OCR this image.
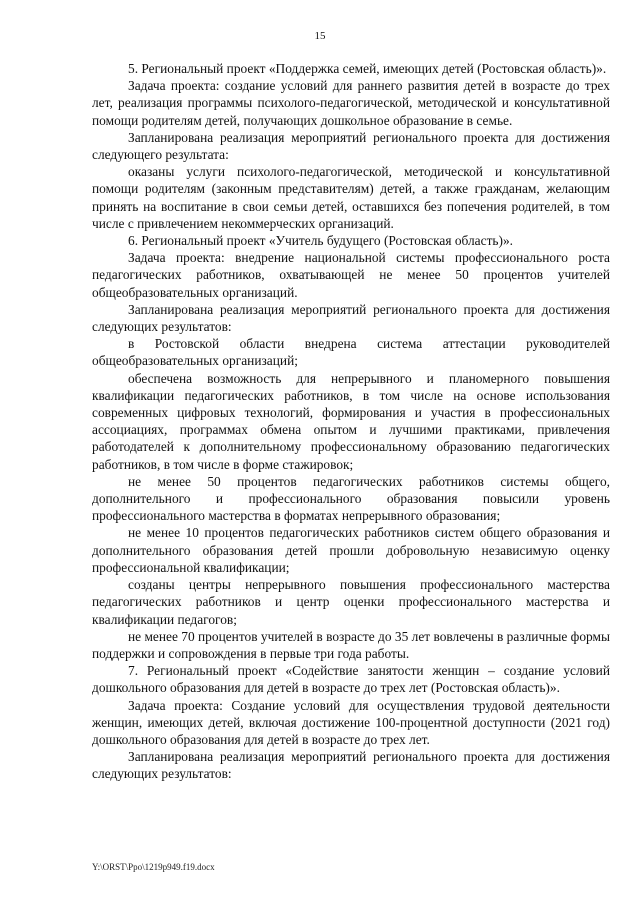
15

5. Региональный проект «Поддержка семей, имеющих детей (Ростовская область)».

Задача проекта: создание условий для раннего развития детей в возрасте до трех лет, реализация программы психолого-педагогической, методической и консультативной помощи родителям детей, получающих дошкольное образование в семье.

Запланирована реализация мероприятий регионального проекта для достижения следующего результата:

оказаны услуги психолого-педагогической, методической и консультативной помощи родителям (законным представителям) детей, а также гражданам, желающим принять на воспитание в свои семьи детей, оставшихся без попечения родителей, в том числе с привлечением некоммерческих организаций.

6. Региональный проект «Учитель будущего (Ростовская область)».

Задача проекта: внедрение национальной системы профессионального роста педагогических работников, охватывающей не менее 50 процентов учителей общеобразовательных организаций.

Запланирована реализация мероприятий регионального проекта для достижения следующих результатов:

в Ростовской области внедрена система аттестации руководителей общеобразовательных организаций;

обеспечена возможность для непрерывного и планомерного повышения квалификации педагогических работников, в том числе на основе использования современных цифровых технологий, формирования и участия в профессиональных ассоциациях, программах обмена опытом и лучшими практиками, привлечения работодателей к дополнительному профессиональному образованию педагогических работников, в том числе в форме стажировок;

не менее 50 процентов педагогических работников системы общего, дополнительного и профессионального образования повысили уровень профессионального мастерства в форматах непрерывного образования;

не менее 10 процентов педагогических работников систем общего образования и дополнительного образования детей прошли добровольную независимую оценку профессиональной квалификации;

созданы центры непрерывного повышения профессионального мастерства педагогических работников и центр оценки профессионального мастерства и квалификации педагогов;

не менее 70 процентов учителей в возрасте до 35 лет вовлечены в различные формы поддержки и сопровождения в первые три года работы.

7. Региональный проект «Содействие занятости женщин – создание условий дошкольного образования для детей в возрасте до трех лет (Ростовская область)».

Задача проекта: Создание условий для осуществления трудовой деятельности женщин, имеющих детей, включая достижение 100-процентной доступности (2021 год) дошкольного образования для детей в возрасте до трех лет.

Запланирована реализация мероприятий регионального проекта для достижения следующих результатов:

Y:\ORST\Ppo\1219p949.f19.docx
